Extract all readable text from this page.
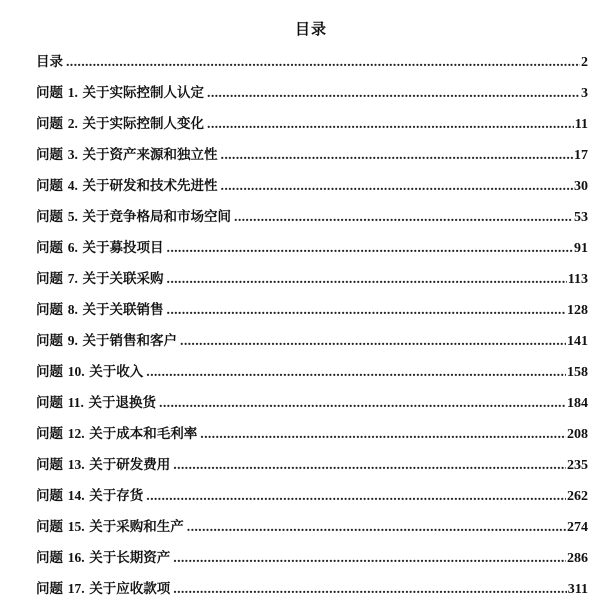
目录
目录 .....	2
问题 1. 关于实际控制人认定 .....	3
问题 2. 关于实际控制人变化 .....	11
问题 3. 关于资产来源和独立性 .....	17
问题 4. 关于研发和技术先进性 .....	30
问题 5. 关于竞争格局和市场空间 .....	53
问题 6. 关于募投项目 .....	91
问题 7. 关于关联采购 .....	113
问题 8. 关于关联销售 .....	128
问题 9. 关于销售和客户 .....	141
问题 10. 关于收入 .....	158
问题 11. 关于退换货 .....	184
问题 12. 关于成本和毛利率 .....	208
问题 13. 关于研发费用 .....	235
问题 14. 关于存货 .....	262
问题 15. 关于采购和生产 .....	274
问题 16. 关于长期资产 .....	286
问题 17. 关于应收款项 .....	311
